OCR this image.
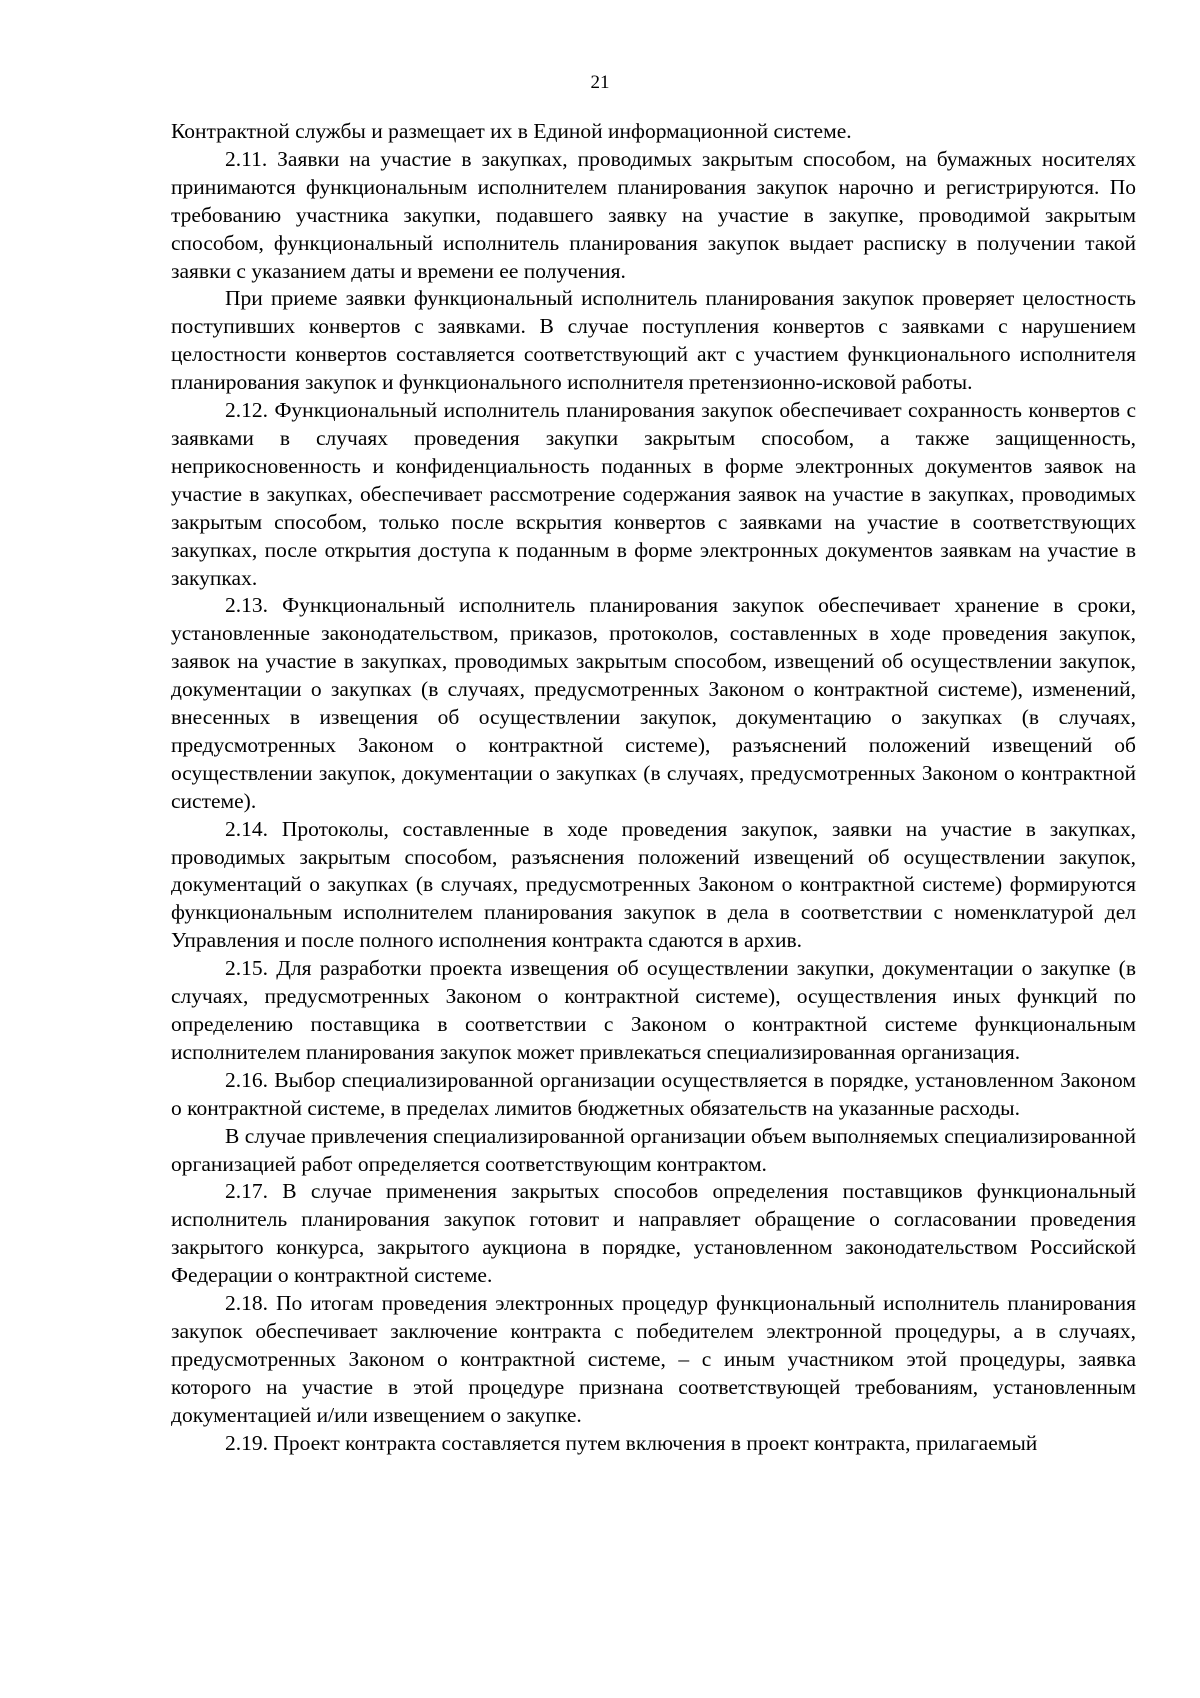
21

Контрактной службы и размещает их в Единой информационной системе.

2.11. Заявки на участие в закупках, проводимых закрытым способом, на бумажных носителях принимаются функциональным исполнителем планирования закупок нарочно и регистрируются. По требованию участника закупки, подавшего заявку на участие в закупке, проводимой закрытым способом, функциональный исполнитель планирования закупок выдает расписку в получении такой заявки с указанием даты и времени ее получения.

При приеме заявки функциональный исполнитель планирования закупок проверяет целостность поступивших конвертов с заявками. В случае поступления конвертов с заявками с нарушением целостности конвертов составляется соответствующий акт с участием функционального исполнителя планирования закупок и функционального исполнителя претензионно-исковой работы.

2.12. Функциональный исполнитель планирования закупок обеспечивает сохранность конвертов с заявками в случаях проведения закупки закрытым способом, а также защищенность, неприкосновенность и конфиденциальность поданных в форме электронных документов заявок на участие в закупках, обеспечивает рассмотрение содержания заявок на участие в закупках, проводимых закрытым способом, только после вскрытия конвертов с заявками на участие в соответствующих закупках, после открытия доступа к поданным в форме электронных документов заявкам на участие в закупках.

2.13. Функциональный исполнитель планирования закупок обеспечивает хранение в сроки, установленные законодательством, приказов, протоколов, составленных в ходе проведения закупок, заявок на участие в закупках, проводимых закрытым способом, извещений об осуществлении закупок, документации о закупках (в случаях, предусмотренных Законом о контрактной системе), изменений, внесенных в извещения об осуществлении закупок, документацию о закупках (в случаях, предусмотренных Законом о контрактной системе), разъяснений положений извещений об осуществлении закупок, документации о закупках (в случаях, предусмотренных Законом о контрактной системе).

2.14. Протоколы, составленные в ходе проведения закупок, заявки на участие в закупках, проводимых закрытым способом, разъяснения положений извещений об осуществлении закупок, документаций о закупках (в случаях, предусмотренных Законом о контрактной системе) формируются функциональным исполнителем планирования закупок в дела в соответствии с номенклатурой дел Управления и после полного исполнения контракта сдаются в архив.

2.15. Для разработки проекта извещения об осуществлении закупки, документации о закупке (в случаях, предусмотренных Законом о контрактной системе), осуществления иных функций по определению поставщика в соответствии с Законом о контрактной системе функциональным исполнителем планирования закупок может привлекаться специализированная организация.

2.16. Выбор специализированной организации осуществляется в порядке, установленном Законом о контрактной системе, в пределах лимитов бюджетных обязательств на указанные расходы.

В случае привлечения специализированной организации объем выполняемых специализированной организацией работ определяется соответствующим контрактом.

2.17. В случае применения закрытых способов определения поставщиков функциональный исполнитель планирования закупок готовит и направляет обращение о согласовании проведения закрытого конкурса, закрытого аукциона в порядке, установленном законодательством Российской Федерации о контрактной системе.

2.18. По итогам проведения электронных процедур функциональный исполнитель планирования закупок обеспечивает заключение контракта с победителем электронной процедуры, а в случаях, предусмотренных Законом о контрактной системе, – с иным участником этой процедуры, заявка которого на участие в этой процедуре признана соответствующей требованиям, установленным документацией и/или извещением о закупке.

2.19. Проект контракта составляется путем включения в проект контракта, прилагаемый
